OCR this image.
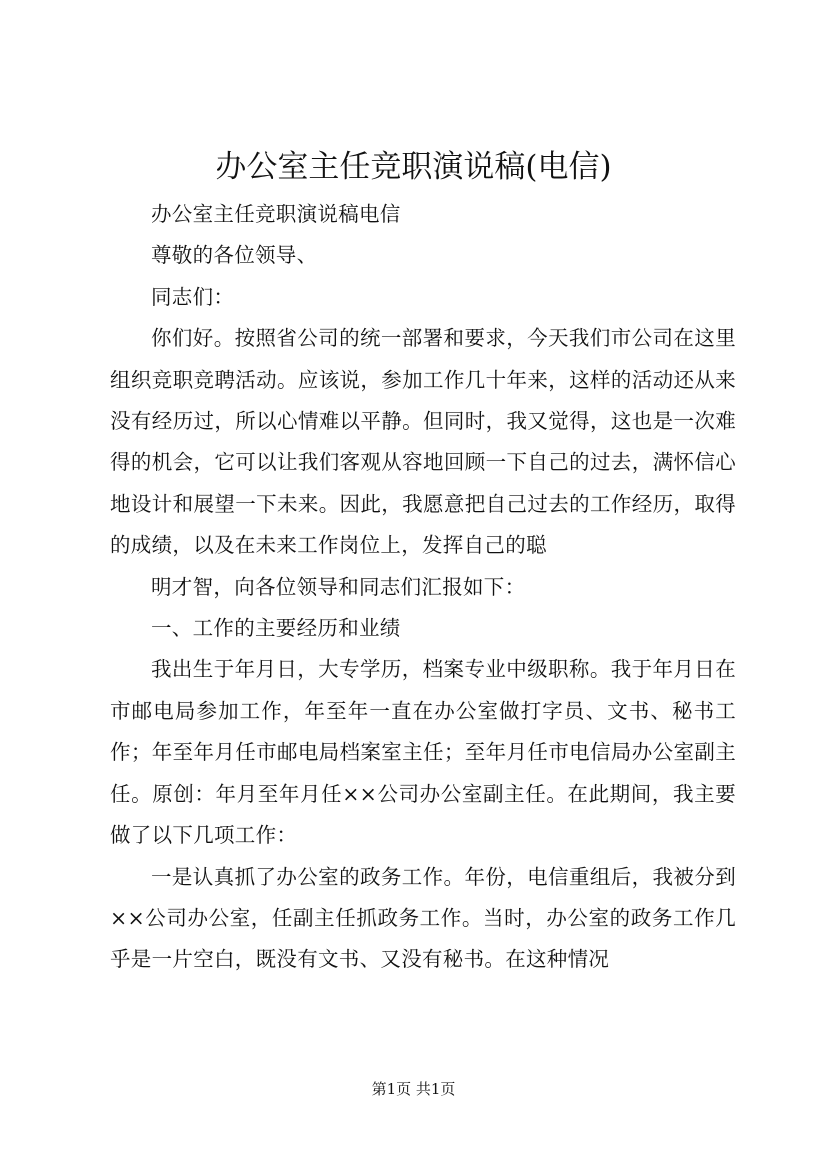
办公室主任竞职演说稿(电信)

办公室主任竞职演说稿电信

尊敬的各位领导、

同志们：

你们好。按照省公司的统一部署和要求，今天我们市公司在这里组织竞职竞聘活动。应该说，参加工作几十年来，这样的活动还从来没有经历过，所以心情难以平静。但同时，我又觉得，这也是一次难得的机会，它可以让我们客观从容地回顾一下自己的过去，满怀信心地设计和展望一下未来。因此，我愿意把自己过去的工作经历，取得的成绩，以及在未来工作岗位上，发挥自己的聪

明才智，向各位领导和同志们汇报如下：

一、工作的主要经历和业绩

我出生于年月日，大专学历，档案专业中级职称。我于年月日在市邮电局参加工作，年至年一直在办公室做打字员、文书、秘书工作；年至年月任市邮电局档案室主任；至年月任市电信局办公室副主任。原创：年月至年月任××公司办公室副主任。在此期间，我主要做了以下几项工作：

一是认真抓了办公室的政务工作。年份，电信重组后，我被分到××公司办公室，任副主任抓政务工作。当时，办公室的政务工作几乎是一片空白，既没有文书、又没有秘书。在这种情况

第1页 共1页
